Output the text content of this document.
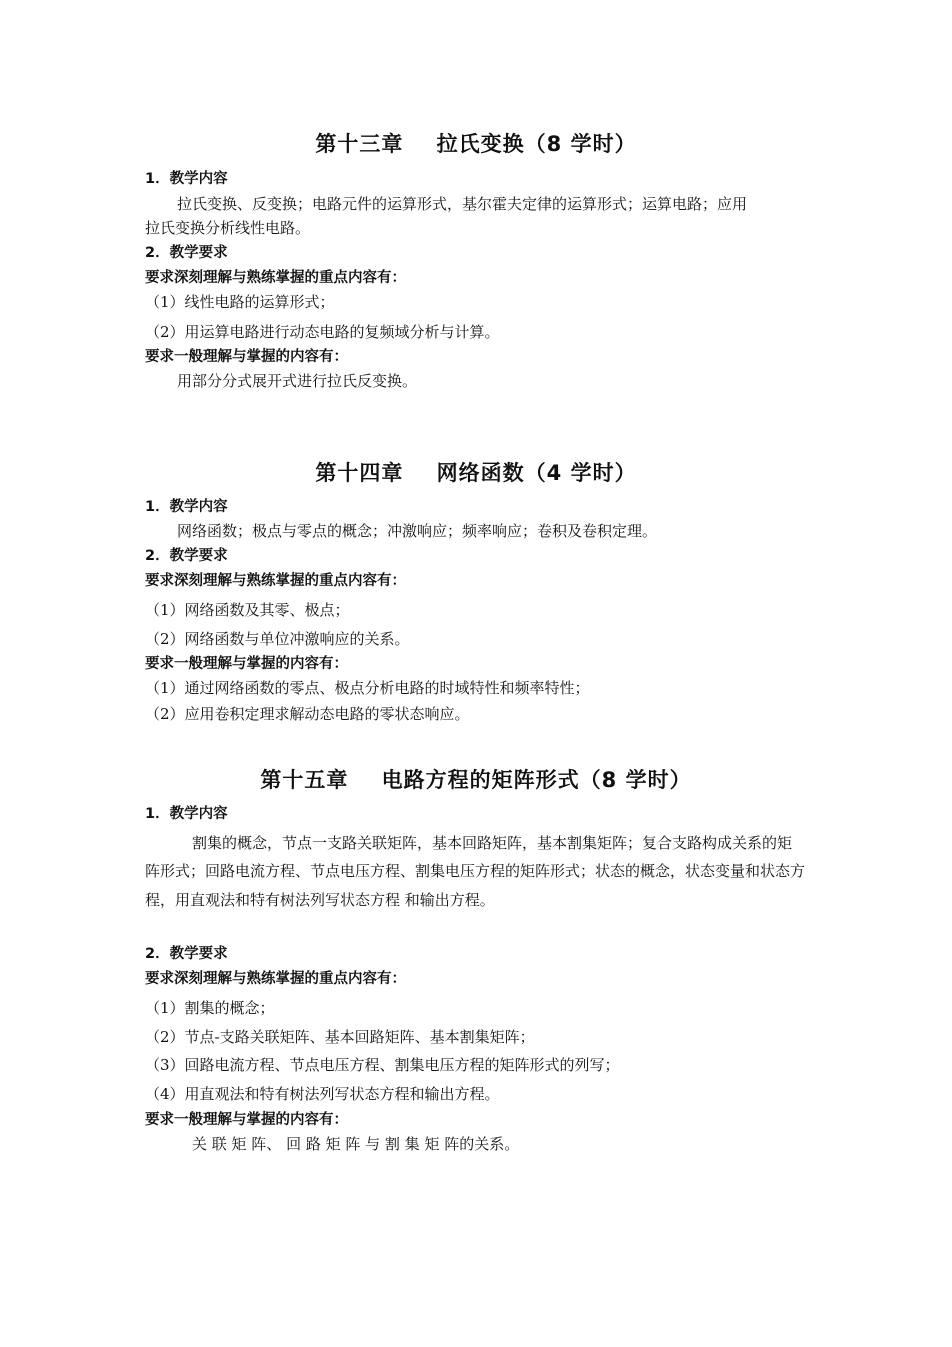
第十三章    拉氏变换（8 学时）
1．教学内容
拉氏变换、反变换；电路元件的运算形式，基尔霍夫定律的运算形式；运算电路；应用
拉氏变换分析线性电路。
2．教学要求
要求深刻理解与熟练掌握的重点内容有：
（1）线性电路的运算形式；
（2）用运算电路进行动态电路的复频域分析与计算。
要求一般理解与掌握的内容有：
用部分分式展开式进行拉氏反变换。
第十四章    网络函数（4 学时）
1．教学内容
网络函数；极点与零点的概念；冲激响应；频率响应；卷积及卷积定理。
2．教学要求
要求深刻理解与熟练掌握的重点内容有：
（1）网络函数及其零、极点；
（2）网络函数与单位冲激响应的关系。
要求一般理解与掌握的内容有：
（1）通过网络函数的零点、极点分析电路的时域特性和频率特性；
（2）应用卷积定理求解动态电路的零状态响应。
第十五章    电路方程的矩阵形式（8 学时）
1．教学内容
割集的概念，节点一支路关联矩阵，基本回路矩阵，基本割集矩阵；复合支路构成关系的矩
阵形式；回路电流方程、节点电压方程、割集电压方程的矩阵形式；状态的概念，状态变量和状态方
程，用直观法和特有树法列写状态方程 和输出方程。
2．教学要求
要求深刻理解与熟练掌握的重点内容有：
（1）割集的概念；
（2）节点-支路关联矩阵、基本回路矩阵、基本割集矩阵；
（3）回路电流方程、节点电压方程、割集电压方程的矩阵形式的列写；
（4）用直观法和特有树法列写状态方程和输出方程。
要求一般理解与掌握的内容有：
关 联 矩 阵、 回 路 矩 阵 与 割 集 矩 阵的关系。
